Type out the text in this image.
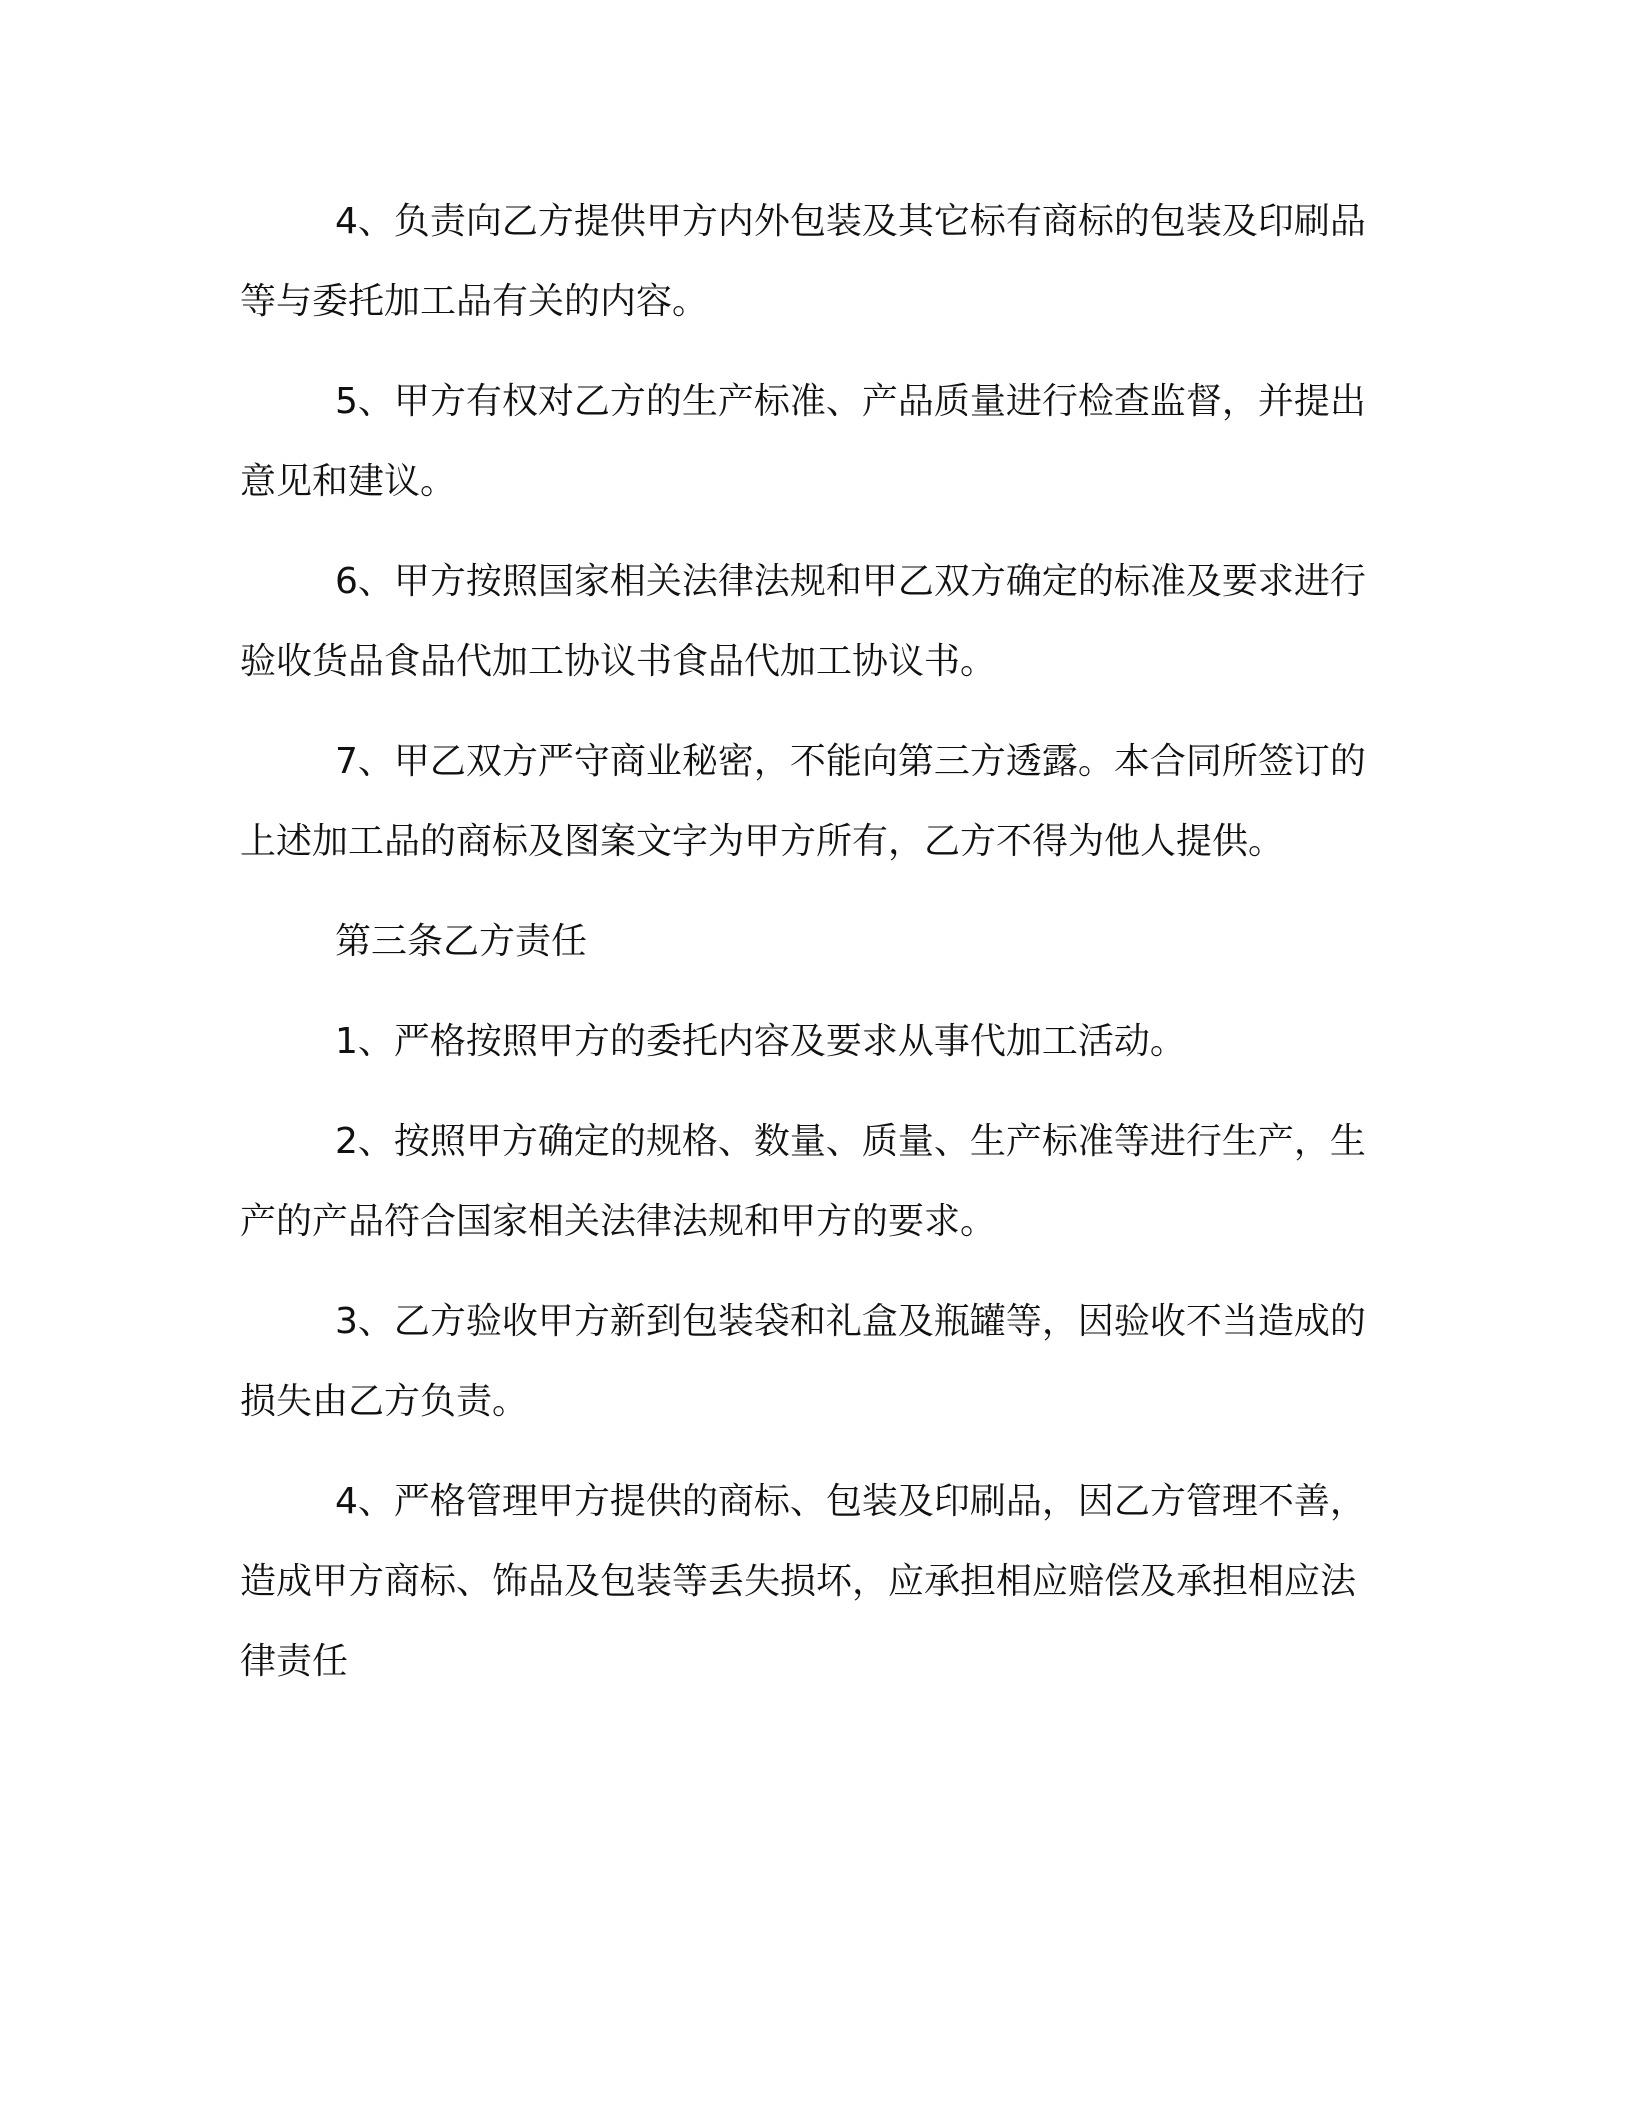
4、负责向乙方提供甲方内外包装及其它标有商标的包装及印刷品等与委托加工品有关的内容。

5、甲方有权对乙方的生产标准、产品质量进行检查监督，并提出意见和建议。

6、甲方按照国家相关法律法规和甲乙双方确定的标准及要求进行验收货品食品代加工协议书食品代加工协议书。

7、甲乙双方严守商业秘密，不能向第三方透露。本合同所签订的上述加工品的商标及图案文字为甲方所有，乙方不得为他人提供。

第三条乙方责任

1、严格按照甲方的委托内容及要求从事代加工活动。

2、按照甲方确定的规格、数量、质量、生产标准等进行生产，生产的产品符合国家相关法律法规和甲方的要求。

3、乙方验收甲方新到包装袋和礼盒及瓶罐等，因验收不当造成的损失由乙方负责。

4、严格管理甲方提供的商标、包装及印刷品，因乙方管理不善，造成甲方商标、饰品及包装等丢失损坏，应承担相应赔偿及承担相应法律责任
